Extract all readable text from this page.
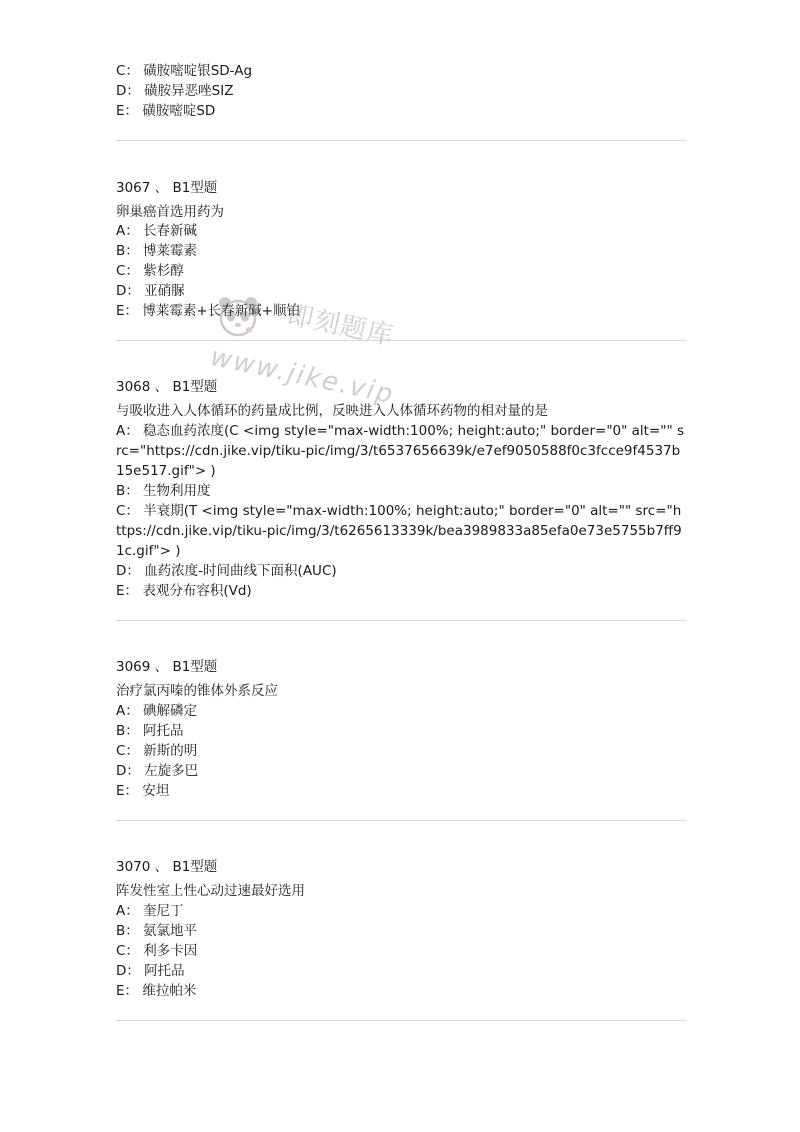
C： 磺胺嘧啶银SD-Ag
D： 磺胺异恶唑SIZ
E： 磺胺嘧啶SD
3067 、 B1型题
卵巢癌首选用药为
A： 长春新碱
B： 博莱霉素
C： 紫杉醇
D： 亚硝脲
E： 博莱霉素+长春新碱+顺铂
3068 、 B1型题
与吸收进入人体循环的药量成比例，反映进入人体循环药物的相对量的是
A： 稳态血药浓度(C <img style="max-width:100%; height:auto;" border="0" alt="" src="https://cdn.jike.vip/tiku-pic/img/3/t6537656639k/e7ef9050588f0c3fcce9f4537b15e517.gif"> )
B： 生物利用度
C： 半衰期(T <img style="max-width:100%; height:auto;" border="0" alt="" src="https://cdn.jike.vip/tiku-pic/img/3/t6265613339k/bea3989833a85efa0e73e5755b7ff91c.gif"> )
D： 血药浓度-时间曲线下面积(AUC)
E： 表观分布容积(Vd)
3069 、 B1型题
治疗氯丙嗪的锥体外系反应
A： 碘解磷定
B： 阿托品
C： 新斯的明
D： 左旋多巴
E： 安坦
3070 、 B1型题
阵发性室上性心动过速最好选用
A： 奎尼丁
B： 氨氯地平
C： 利多卡因
D： 阿托品
E： 维拉帕米
即刻题库
www.jike.vip
